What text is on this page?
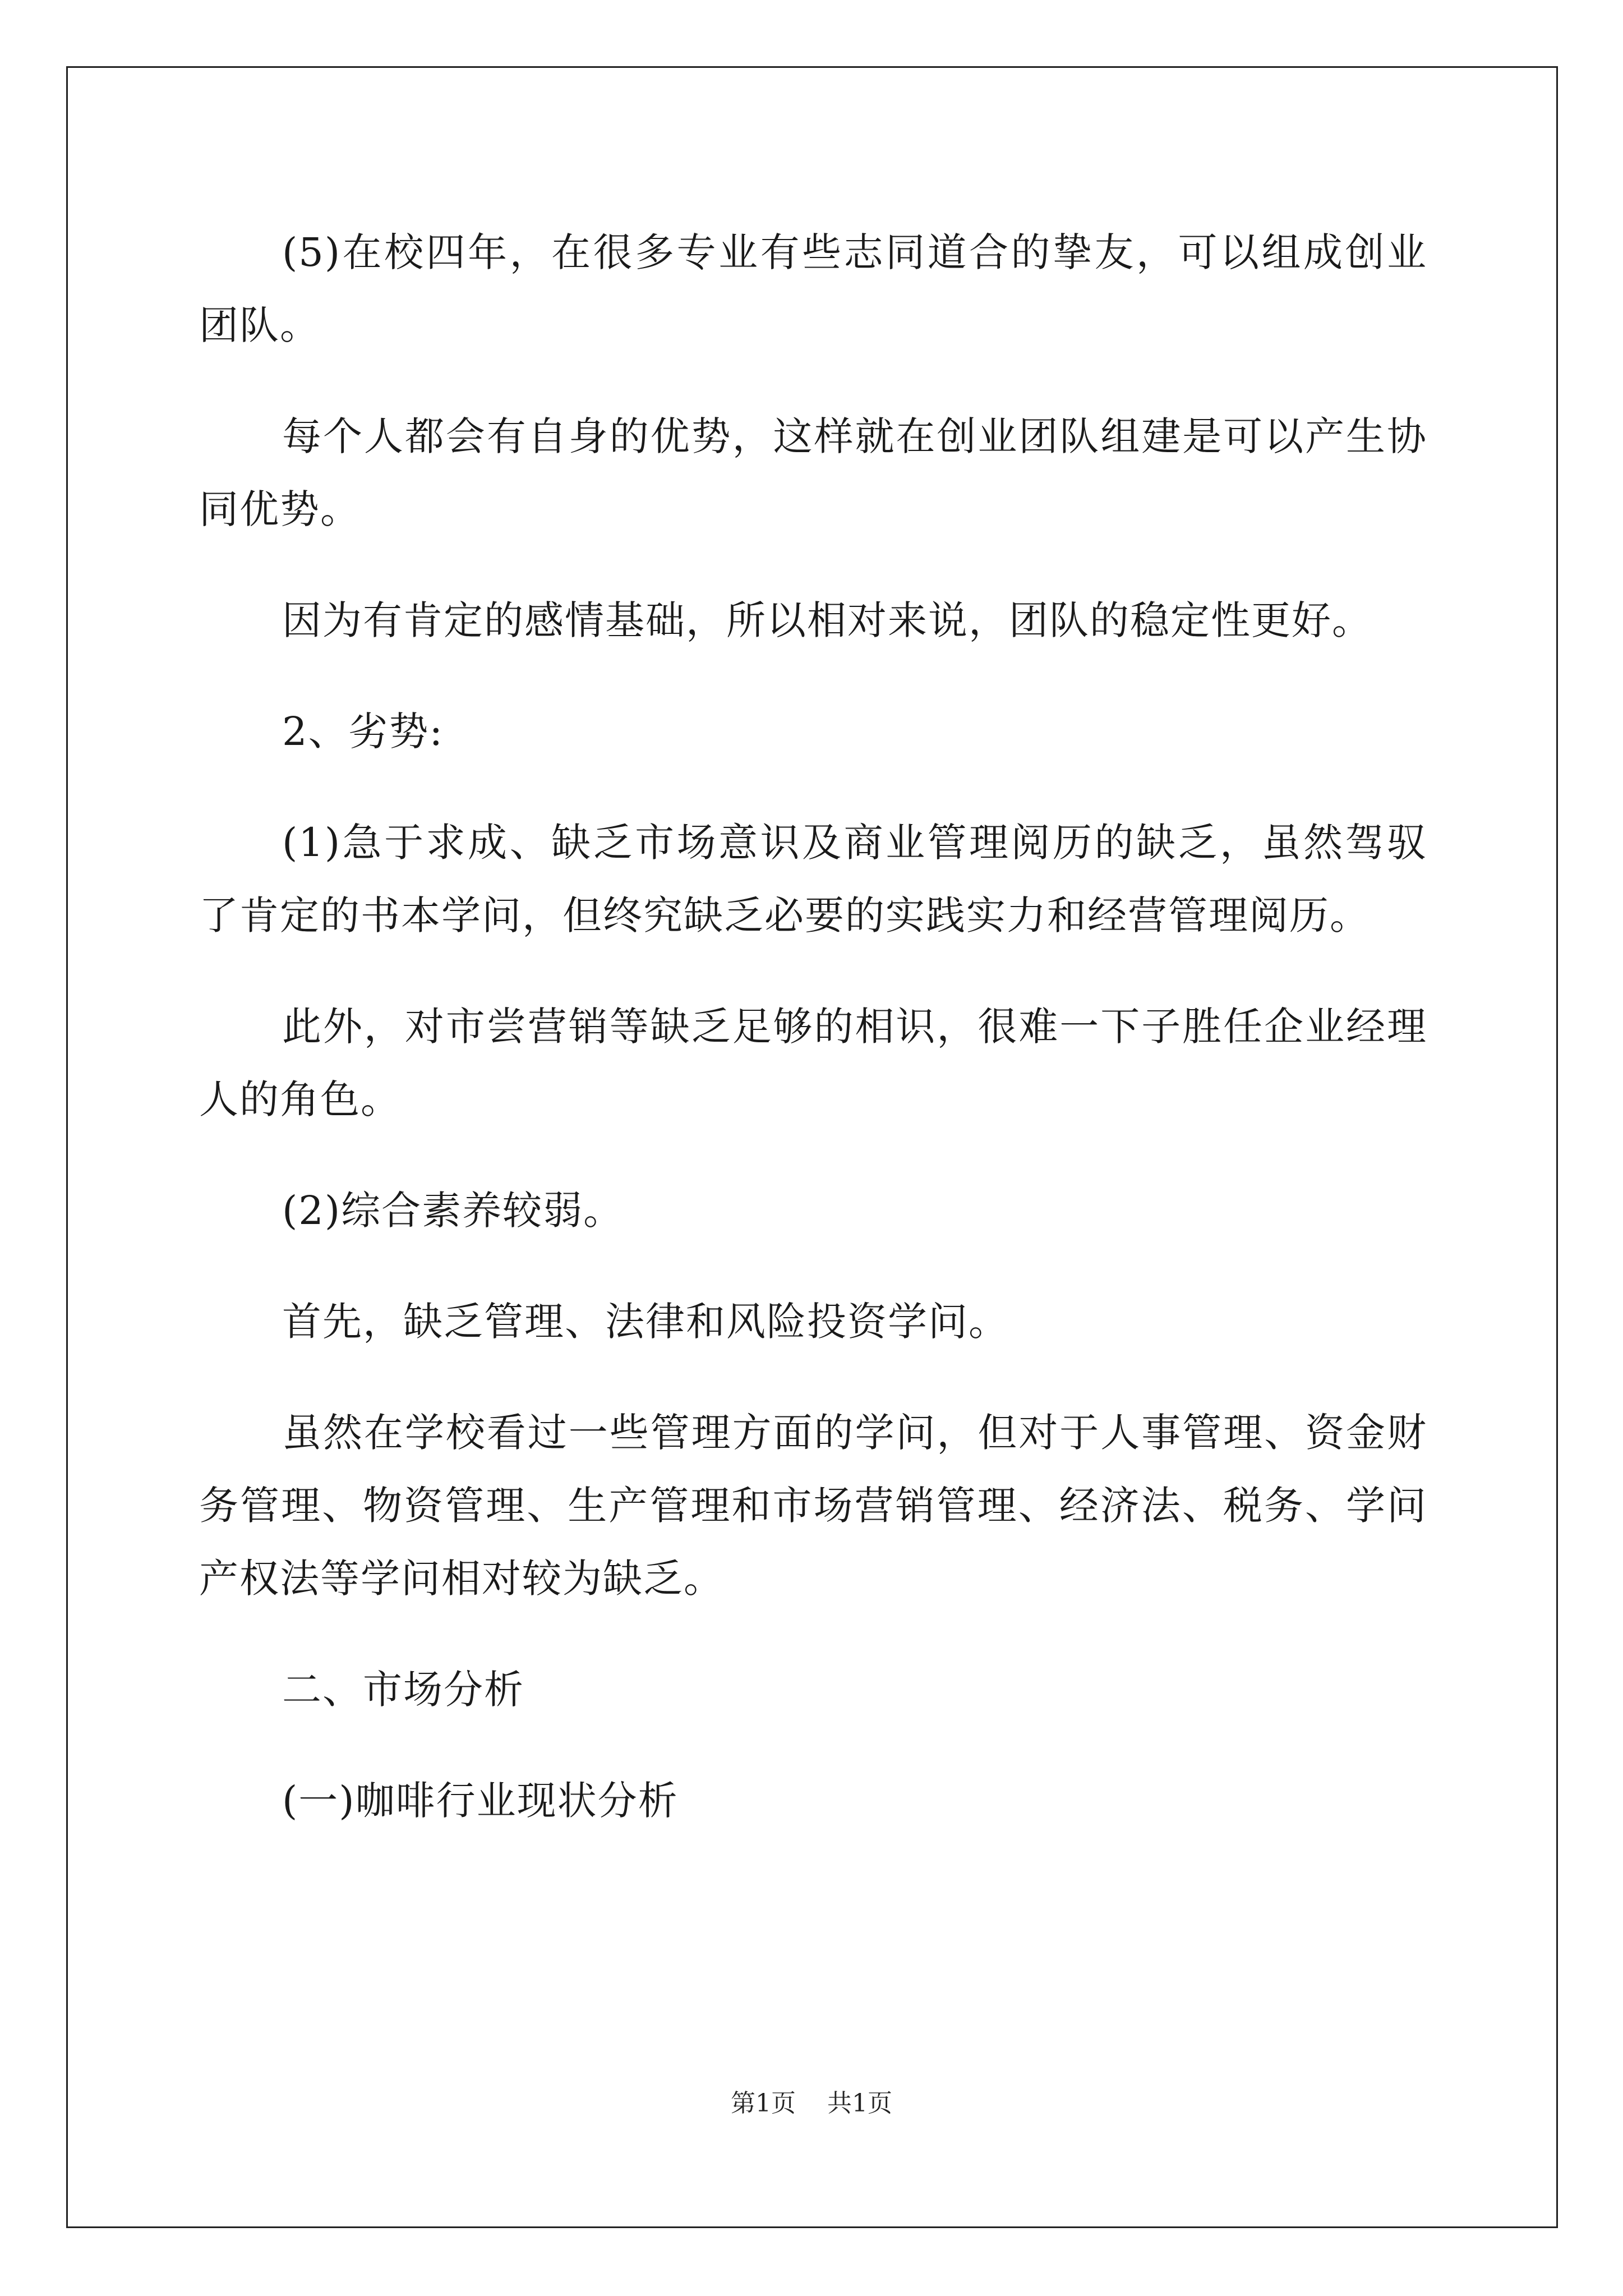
(5)在校四年，在很多专业有些志同道合的挚友，可以组成创业团队。

每个人都会有自身的优势，这样就在创业团队组建是可以产生协同优势。

因为有肯定的感情基础，所以相对来说，团队的稳定性更好。

2、劣势:

(1)急于求成、缺乏市场意识及商业管理阅历的缺乏，虽然驾驭了肯定的书本学问，但终究缺乏必要的实践实力和经营管理阅历。

此外，对市尝营销等缺乏足够的相识，很难一下子胜任企业经理人的角色。

(2)综合素养较弱。

首先，缺乏管理、法律和风险投资学问。

虽然在学校看过一些管理方面的学问，但对于人事管理、资金财务管理、物资管理、生产管理和市场营销管理、经济法、税务、学问产权法等学问相对较为缺乏。

二、市场分析

(一)咖啡行业现状分析

第1页 共1页
